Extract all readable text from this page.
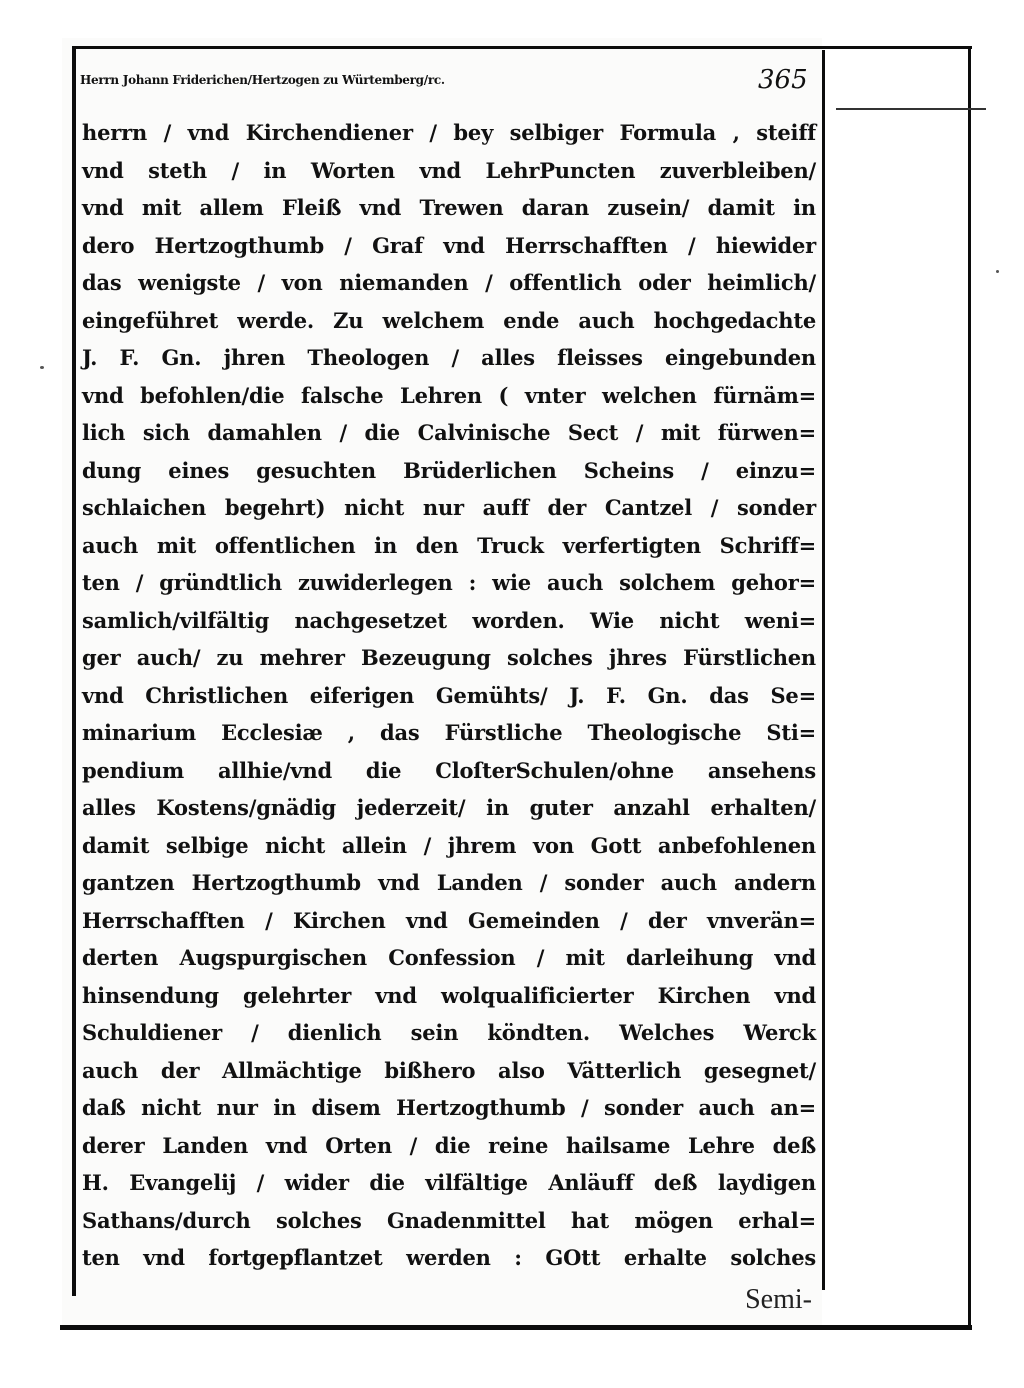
Herrn Johann Friderichen/Hertzogen zu Würtemberg/rc.	365
herrn / vnd Kirchendiener / bey selbiger Formula , steiff
vnd steth / in Worten vnd LehrPuncten zuverbleiben/
vnd mit allem Fleiß vnd Trewen daran zusein/ damit in
dero Hertzogthumb / Graf vnd Herrschafften / hiewider
das wenigste / von niemanden / offentlich oder heimlich/
eingeführet werde. Zu welchem ende auch hochgedachte
J. F. Gn. jhren Theologen / alles fleisses eingebunden
vnd befohlen/die falsche Lehren ( vnter welchen fürnäm=
lich sich damahlen / die Calvinische Sect / mit fürwen=
dung eines gesuchten Brüderlichen Scheins / einzu=
schlaichen begehrt) nicht nur auff der Cantzel / sonder
auch mit offentlichen in den Truck verfertigten Schriff=
ten / gründtlich zuwiderlegen : wie auch solchem gehor=
samlich/vilfältig nachgesetzet worden. Wie nicht weni=
ger auch/ zu mehrer Bezeugung solches jhres Fürstlichen
vnd Christlichen eiferigen Gemühts/ J. F. Gn. das Se=
minarium Ecclesiæ , das Fürstliche Theologische Sti=
pendium allhie/vnd die CloſterSchulen/ohne ansehens
alles Kostens/gnädig jederzeit/ in guter anzahl erhalten/
damit selbige nicht allein / jhrem von Gott anbefohlenen
gantzen Hertzogthumb vnd Landen / sonder auch andern
Herrschafften / Kirchen vnd Gemeinden / der vnverän=
derten Augspurgischen Confession / mit darleihung vnd
hinsendung gelehrter vnd wolqualificierter Kirchen vnd
Schuldiener / dienlich sein köndten. Welches Werck
auch der Allmächtige bißhero also Vätterlich gesegnet/
daß nicht nur in disem Hertzogthumb / sonder auch an=
derer Landen vnd Orten / die reine hailsame Lehre deß
H. Evangelij / wider die vilfältige Anläuff deß laydigen
Sathans/durch solches Gnadenmittel hat mögen erhal=
ten vnd fortgepflantzet werden : GOtt erhalte solches
Semi-
